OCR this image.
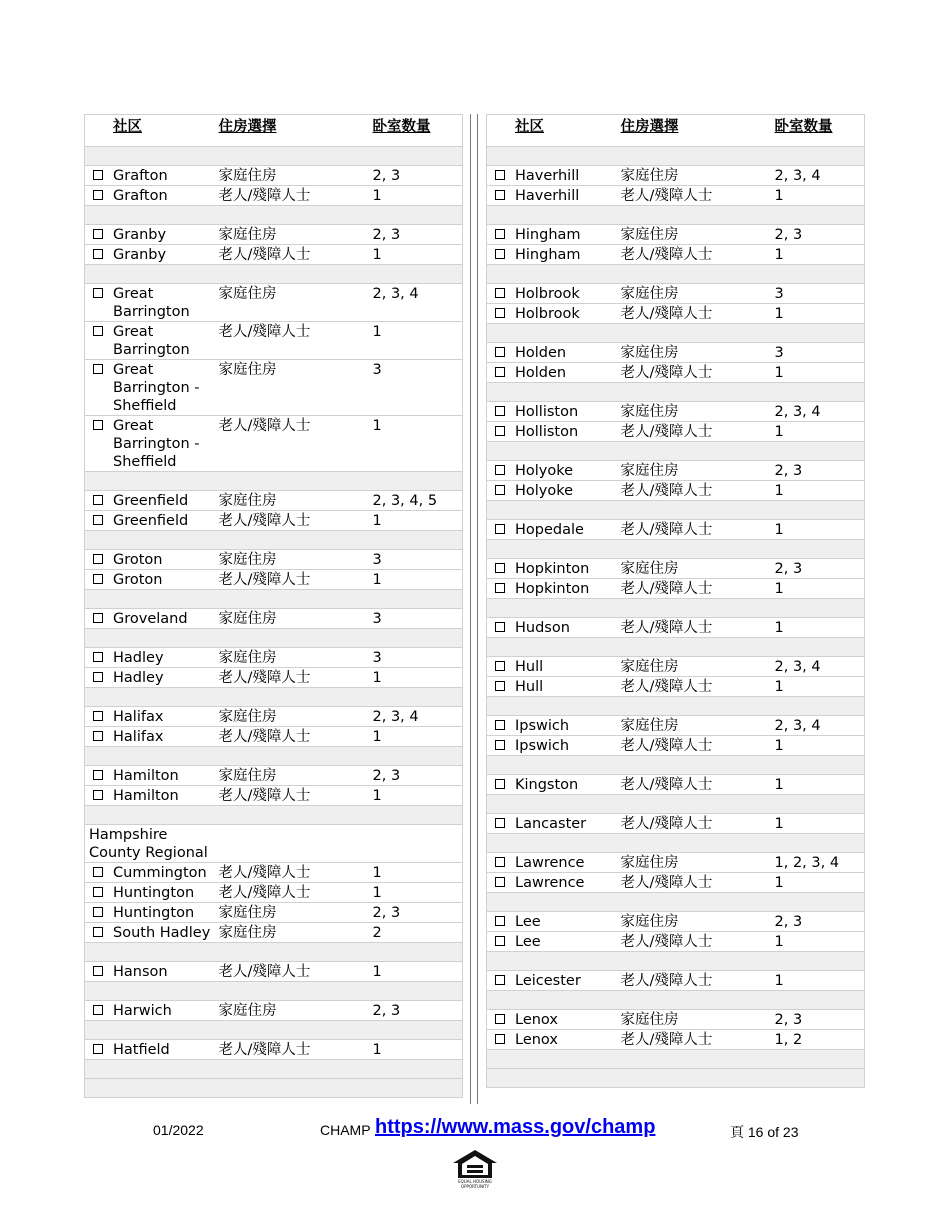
社区	住房選擇	卧室数量

Grafton	家庭住房	2, 3

Grafton	老人/殘障人士	1

Granby	家庭住房	2, 3

Granby	老人/殘障人士	1

Great Barrington	家庭住房	2, 3, 4

Great Barrington	老人/殘障人士	1

Great Barrington - Sheffield	家庭住房	3

Great Barrington - Sheffield	老人/殘障人士	1

Greenfield	家庭住房	2, 3, 4, 5

Greenfield	老人/殘障人士	1

Groton	家庭住房	3

Groton	老人/殘障人士	1

Groveland	家庭住房	3

Hadley	家庭住房	3

Hadley	老人/殘障人士	1

Halifax	家庭住房	2, 3, 4

Halifax	老人/殘障人士	1

Hamilton	家庭住房	2, 3

Hamilton	老人/殘障人士	1

Hampshire County Regional		

Cummington	老人/殘障人士	1

Huntington	老人/殘障人士	1

Huntington	家庭住房	2, 3

South Hadley	家庭住房	2

Hanson	老人/殘障人士	1

Harwich	家庭住房	2, 3

Hatfield	老人/殘障人士	1

社区	住房選擇	卧室数量

Haverhill	家庭住房	2, 3, 4

Haverhill	老人/殘障人士	1

Hingham	家庭住房	2, 3

Hingham	老人/殘障人士	1

Holbrook	家庭住房	3

Holbrook	老人/殘障人士	1

Holden	家庭住房	3

Holden	老人/殘障人士	1

Holliston	家庭住房	2, 3, 4

Holliston	老人/殘障人士	1

Holyoke	家庭住房	2, 3

Holyoke	老人/殘障人士	1

Hopedale	老人/殘障人士	1

Hopkinton	家庭住房	2, 3

Hopkinton	老人/殘障人士	1

Hudson	老人/殘障人士	1

Hull	家庭住房	2, 3, 4

Hull	老人/殘障人士	1

Ipswich	家庭住房	2, 3, 4

Ipswich	老人/殘障人士	1

Kingston	老人/殘障人士	1

Lancaster	老人/殘障人士	1

Lawrence	家庭住房	1, 2, 3, 4

Lawrence	老人/殘障人士	1

Lee	家庭住房	2, 3

Lee	老人/殘障人士	1

Leicester	老人/殘障人士	1

Lenox	家庭住房	2, 3

Lenox	老人/殘障人士	1, 2

01/2022	CHAMP https://www.mass.gov/champ	頁 16 of 23
EQUAL HOUSING
OPPORTUNITY
